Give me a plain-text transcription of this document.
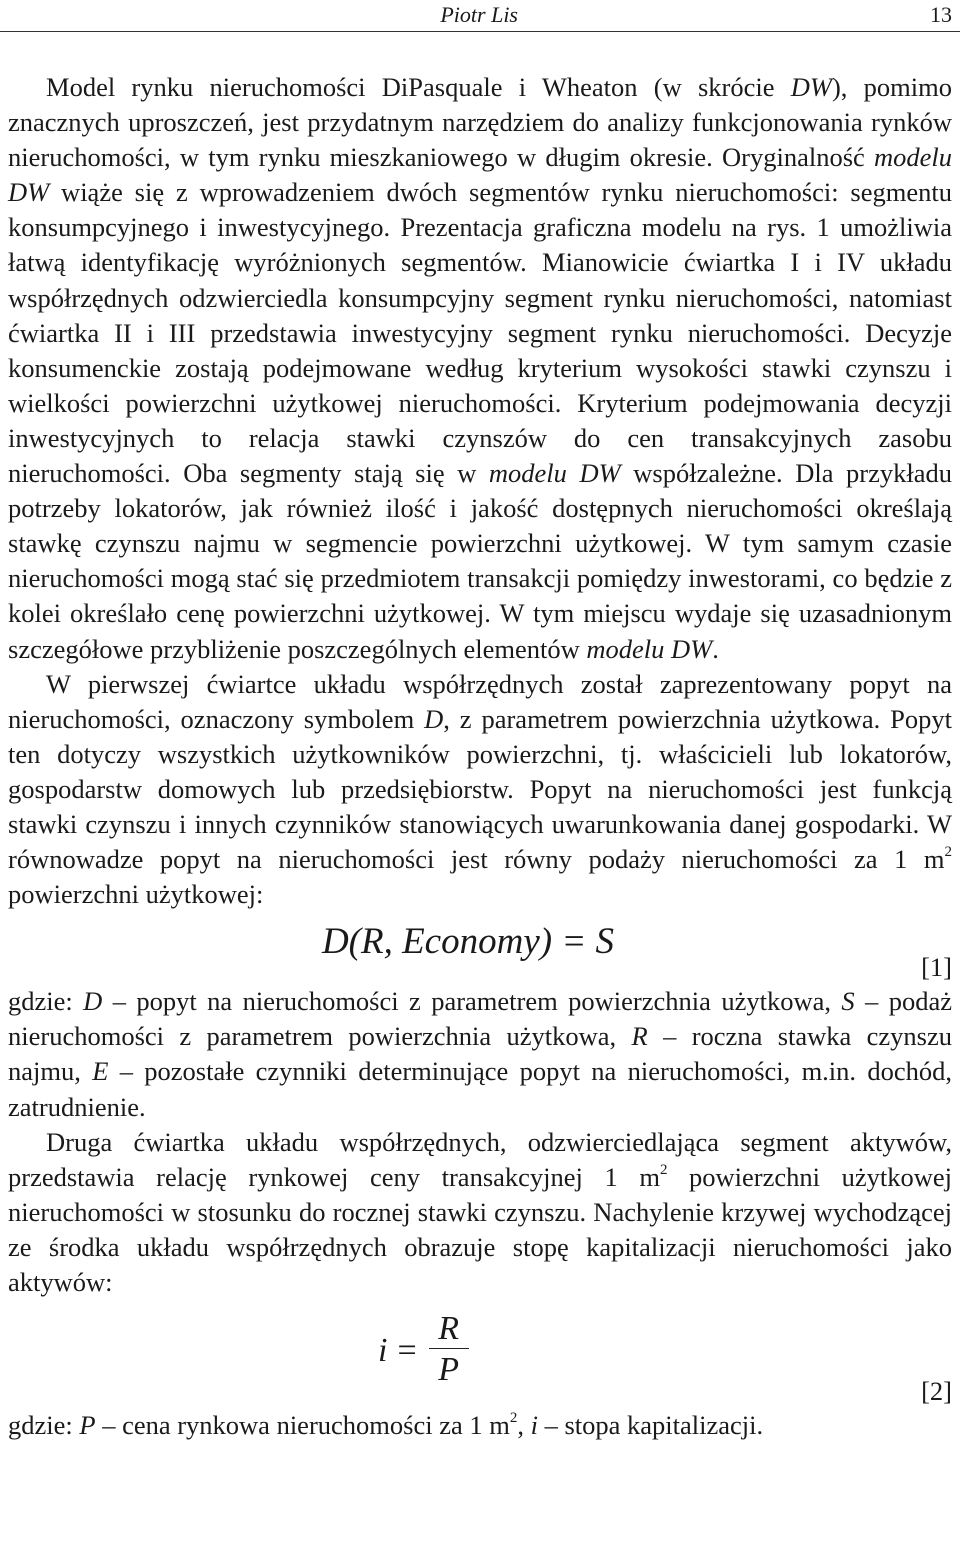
Piotr Lis	13

Model rynku nieruchomości DiPasquale i Wheaton (w skrócie DW), pomimo znacznych uproszczeń, jest przydatnym narzędziem do analizy funkcjonowania rynków nieruchomości, w tym rynku mieszkaniowego w długim okresie. Oryginalność modelu DW wiąże się z wprowadzeniem dwóch segmentów rynku nieruchomości: segmentu konsumpcyjnego i inwestycyjnego. Prezentacja graficzna modelu na rys. 1 umożliwia łatwą identyfikację wyróżnionych segmentów. Mianowicie ćwiartka I i IV układu współrzędnych odzwierciedla konsumpcyjny segment rynku nieruchomości, natomiast ćwiartka II i III przedstawia inwestycyjny segment rynku nieruchomości. Decyzje konsumenckie zostają podejmowane według kryterium wysokości stawki czynszu i wielkości powierzchni użytkowej nieruchomości. Kryterium podejmowania decyzji inwestycyjnych to relacja stawki czynszów do cen transakcyjnych zasobu nieruchomości. Oba segmenty stają się w modelu DW współzależne. Dla przykładu potrzeby lokatorów, jak również ilość i jakość dostępnych nieruchomości określają stawkę czynszu najmu w segmencie powierzchni użytkowej. W tym samym czasie nieruchomości mogą stać się przedmiotem transakcji pomiędzy inwestorami, co będzie z kolei określało cenę powierzchni użytkowej. W tym miejscu wydaje się uzasadnionym szczegółowe przybliżenie poszczególnych elementów modelu DW.

W pierwszej ćwiartce układu współrzędnych został zaprezentowany popyt na nieruchomości, oznaczony symbolem D, z parametrem powierzchnia użytkowa. Popyt ten dotyczy wszystkich użytkowników powierzchni, tj. właścicieli lub lokatorów, gospodarstw domowych lub przedsiębiorstw. Popyt na nieruchomości jest funkcją stawki czynszu i innych czynników stanowiących uwarunkowania danej gospodarki. W równowadze popyt na nieruchomości jest równy podaży nieruchomości za 1 $m^2$ powierzchni użytkowej:

D(R, Economy) = S
[1]

gdzie: D – popyt na nieruchomości z parametrem powierzchnia użytkowa, S – podaż nieruchomości z parametrem powierzchnia użytkowa, R – roczna stawka czynszu najmu, E – pozostałe czynniki determinujące popyt na nieruchomości, m.in. dochód, zatrudnienie.

Druga ćwiartka układu współrzędnych, odzwierciedlająca segment aktywów, przedstawia relację rynkowej ceny transakcyjnej 1 $m^2$ powierzchni użytkowej nieruchomości w stosunku do rocznej stawki czynszu. Nachylenie krzywej wychodzącej ze środka układu współrzędnych obrazuje stopę kapitalizacji nieruchomości jako aktywów:

$i = \frac{R}{P}$	[2]

gdzie: P – cena rynkowa nieruchomości za 1 $m^2$, i – stopa kapitalizacji.
